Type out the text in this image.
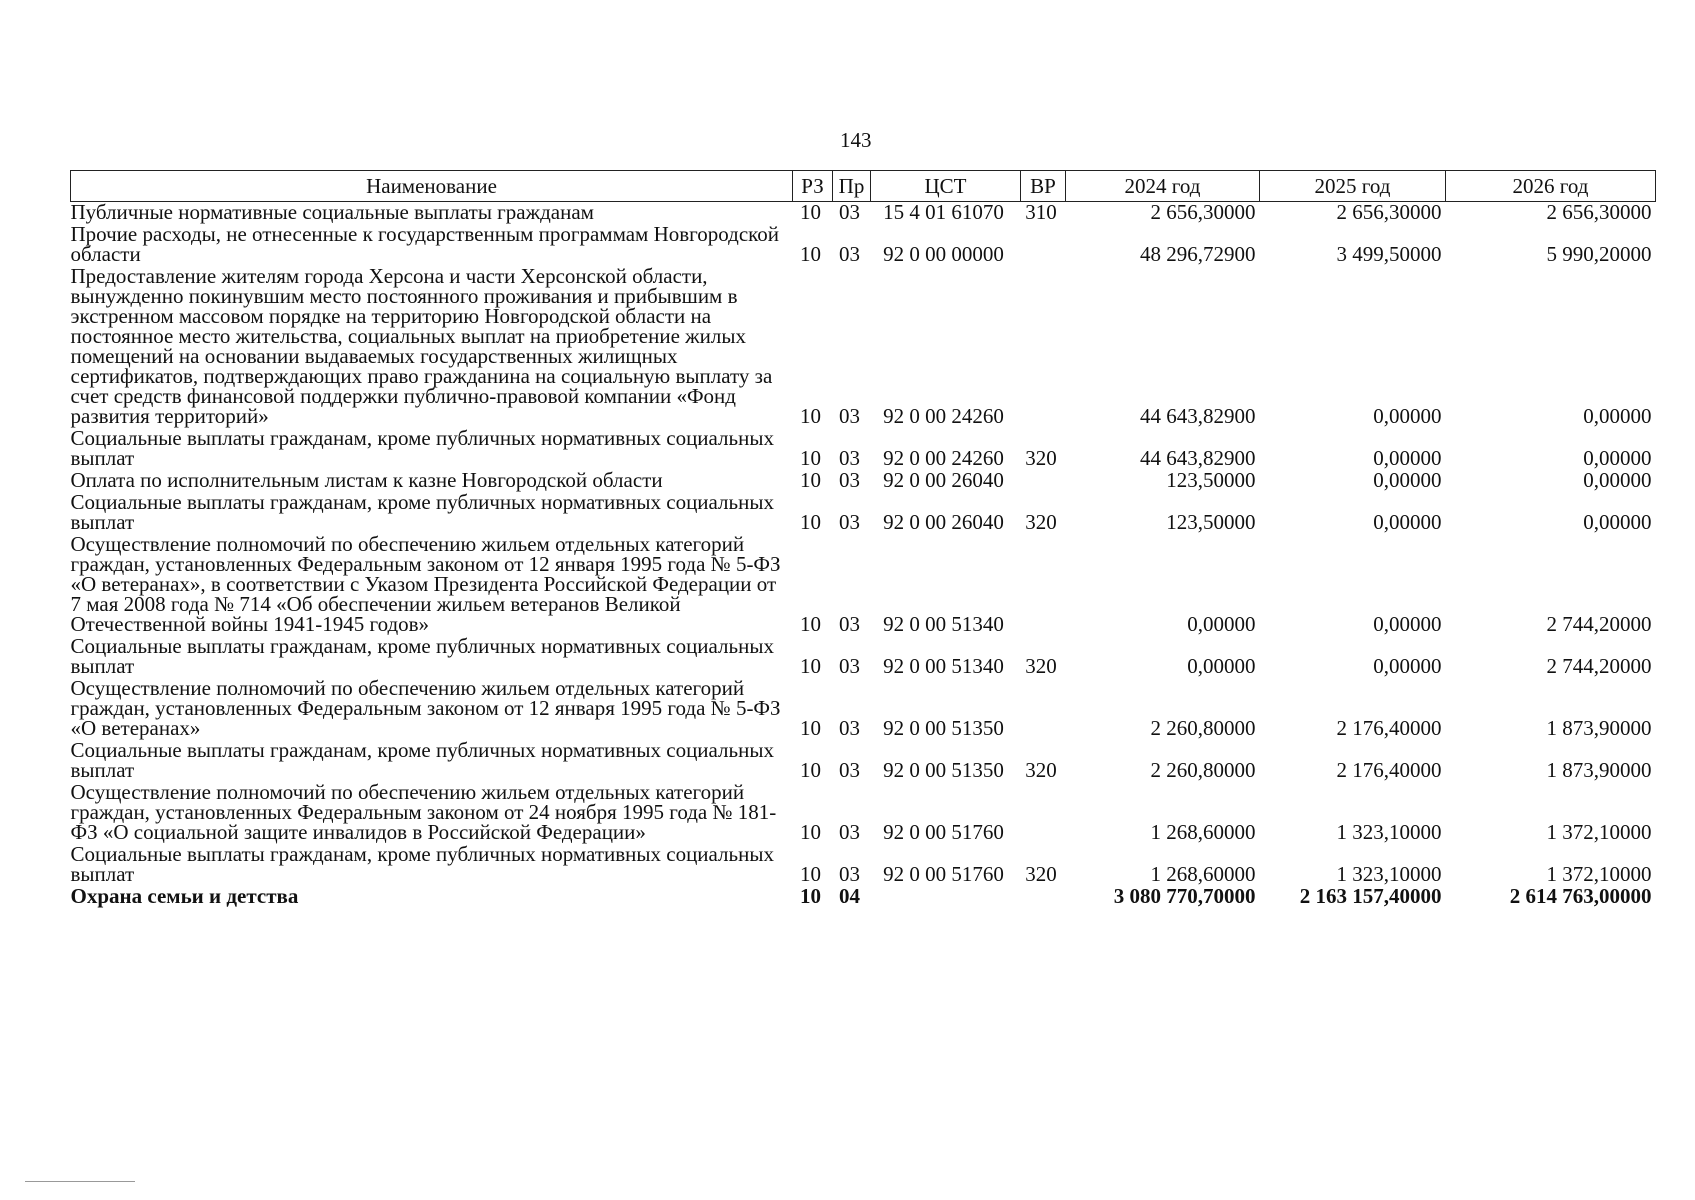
143
Наименование	РЗ	Пр	ЦСТ	ВР	2024 год	2025 год	2026 год
Публичные нормативные социальные выплаты гражданам	10	03	15 4 01 61070	310	2 656,30000	2 656,30000	2 656,30000
Прочие расходы, не отнесенные к государственным программам Новгородской области	10	03	92 0 00 00000		48 296,72900	3 499,50000	5 990,20000
Предоставление жителям города Херсона и части Херсонской области, вынужденно покинувшим место постоянного проживания и прибывшим в экстренном массовом порядке на территорию Новгородской области на постоянное место жительства, социальных выплат на приобретение жилых помещений на основании выдаваемых государственных жилищных сертификатов, подтверждающих право гражданина на социальную выплату за счет средств финансовой поддержки публично-правовой компании «Фонд развития территорий»	10	03	92 0 00 24260		44 643,82900	0,00000	0,00000
Социальные выплаты гражданам, кроме публичных нормативных социальных выплат	10	03	92 0 00 24260	320	44 643,82900	0,00000	0,00000
Оплата по исполнительным листам к казне Новгородской области	10	03	92 0 00 26040		123,50000	0,00000	0,00000
Социальные выплаты гражданам, кроме публичных нормативных социальных выплат	10	03	92 0 00 26040	320	123,50000	0,00000	0,00000
Осуществление полномочий по обеспечению жильем отдельных категорий граждан, установленных Федеральным законом от 12 января 1995 года № 5-ФЗ «О ветеранах», в соответствии с Указом Президента Российской Федерации от 7 мая 2008 года № 714 «Об обеспечении жильем ветеранов Великой Отечественной войны 1941-1945 годов»	10	03	92 0 00 51340		0,00000	0,00000	2 744,20000
Социальные выплаты гражданам, кроме публичных нормативных социальных выплат	10	03	92 0 00 51340	320	0,00000	0,00000	2 744,20000
Осуществление полномочий по обеспечению жильем отдельных категорий граждан, установленных Федеральным законом от 12 января 1995 года № 5-ФЗ «О ветеранах»	10	03	92 0 00 51350		2 260,80000	2 176,40000	1 873,90000
Социальные выплаты гражданам, кроме публичных нормативных социальных выплат	10	03	92 0 00 51350	320	2 260,80000	2 176,40000	1 873,90000
Осуществление полномочий по обеспечению жильем отдельных категорий граждан, установленных Федеральным законом от 24 ноября 1995 года № 181-ФЗ «О социальной защите инвалидов в Российской Федерации»	10	03	92 0 00 51760		1 268,60000	1 323,10000	1 372,10000
Социальные выплаты гражданам, кроме публичных нормативных социальных выплат	10	03	92 0 00 51760	320	1 268,60000	1 323,10000	1 372,10000
Охрана семьи и детства	10	04			3 080 770,70000	2 163 157,40000	2 614 763,00000
